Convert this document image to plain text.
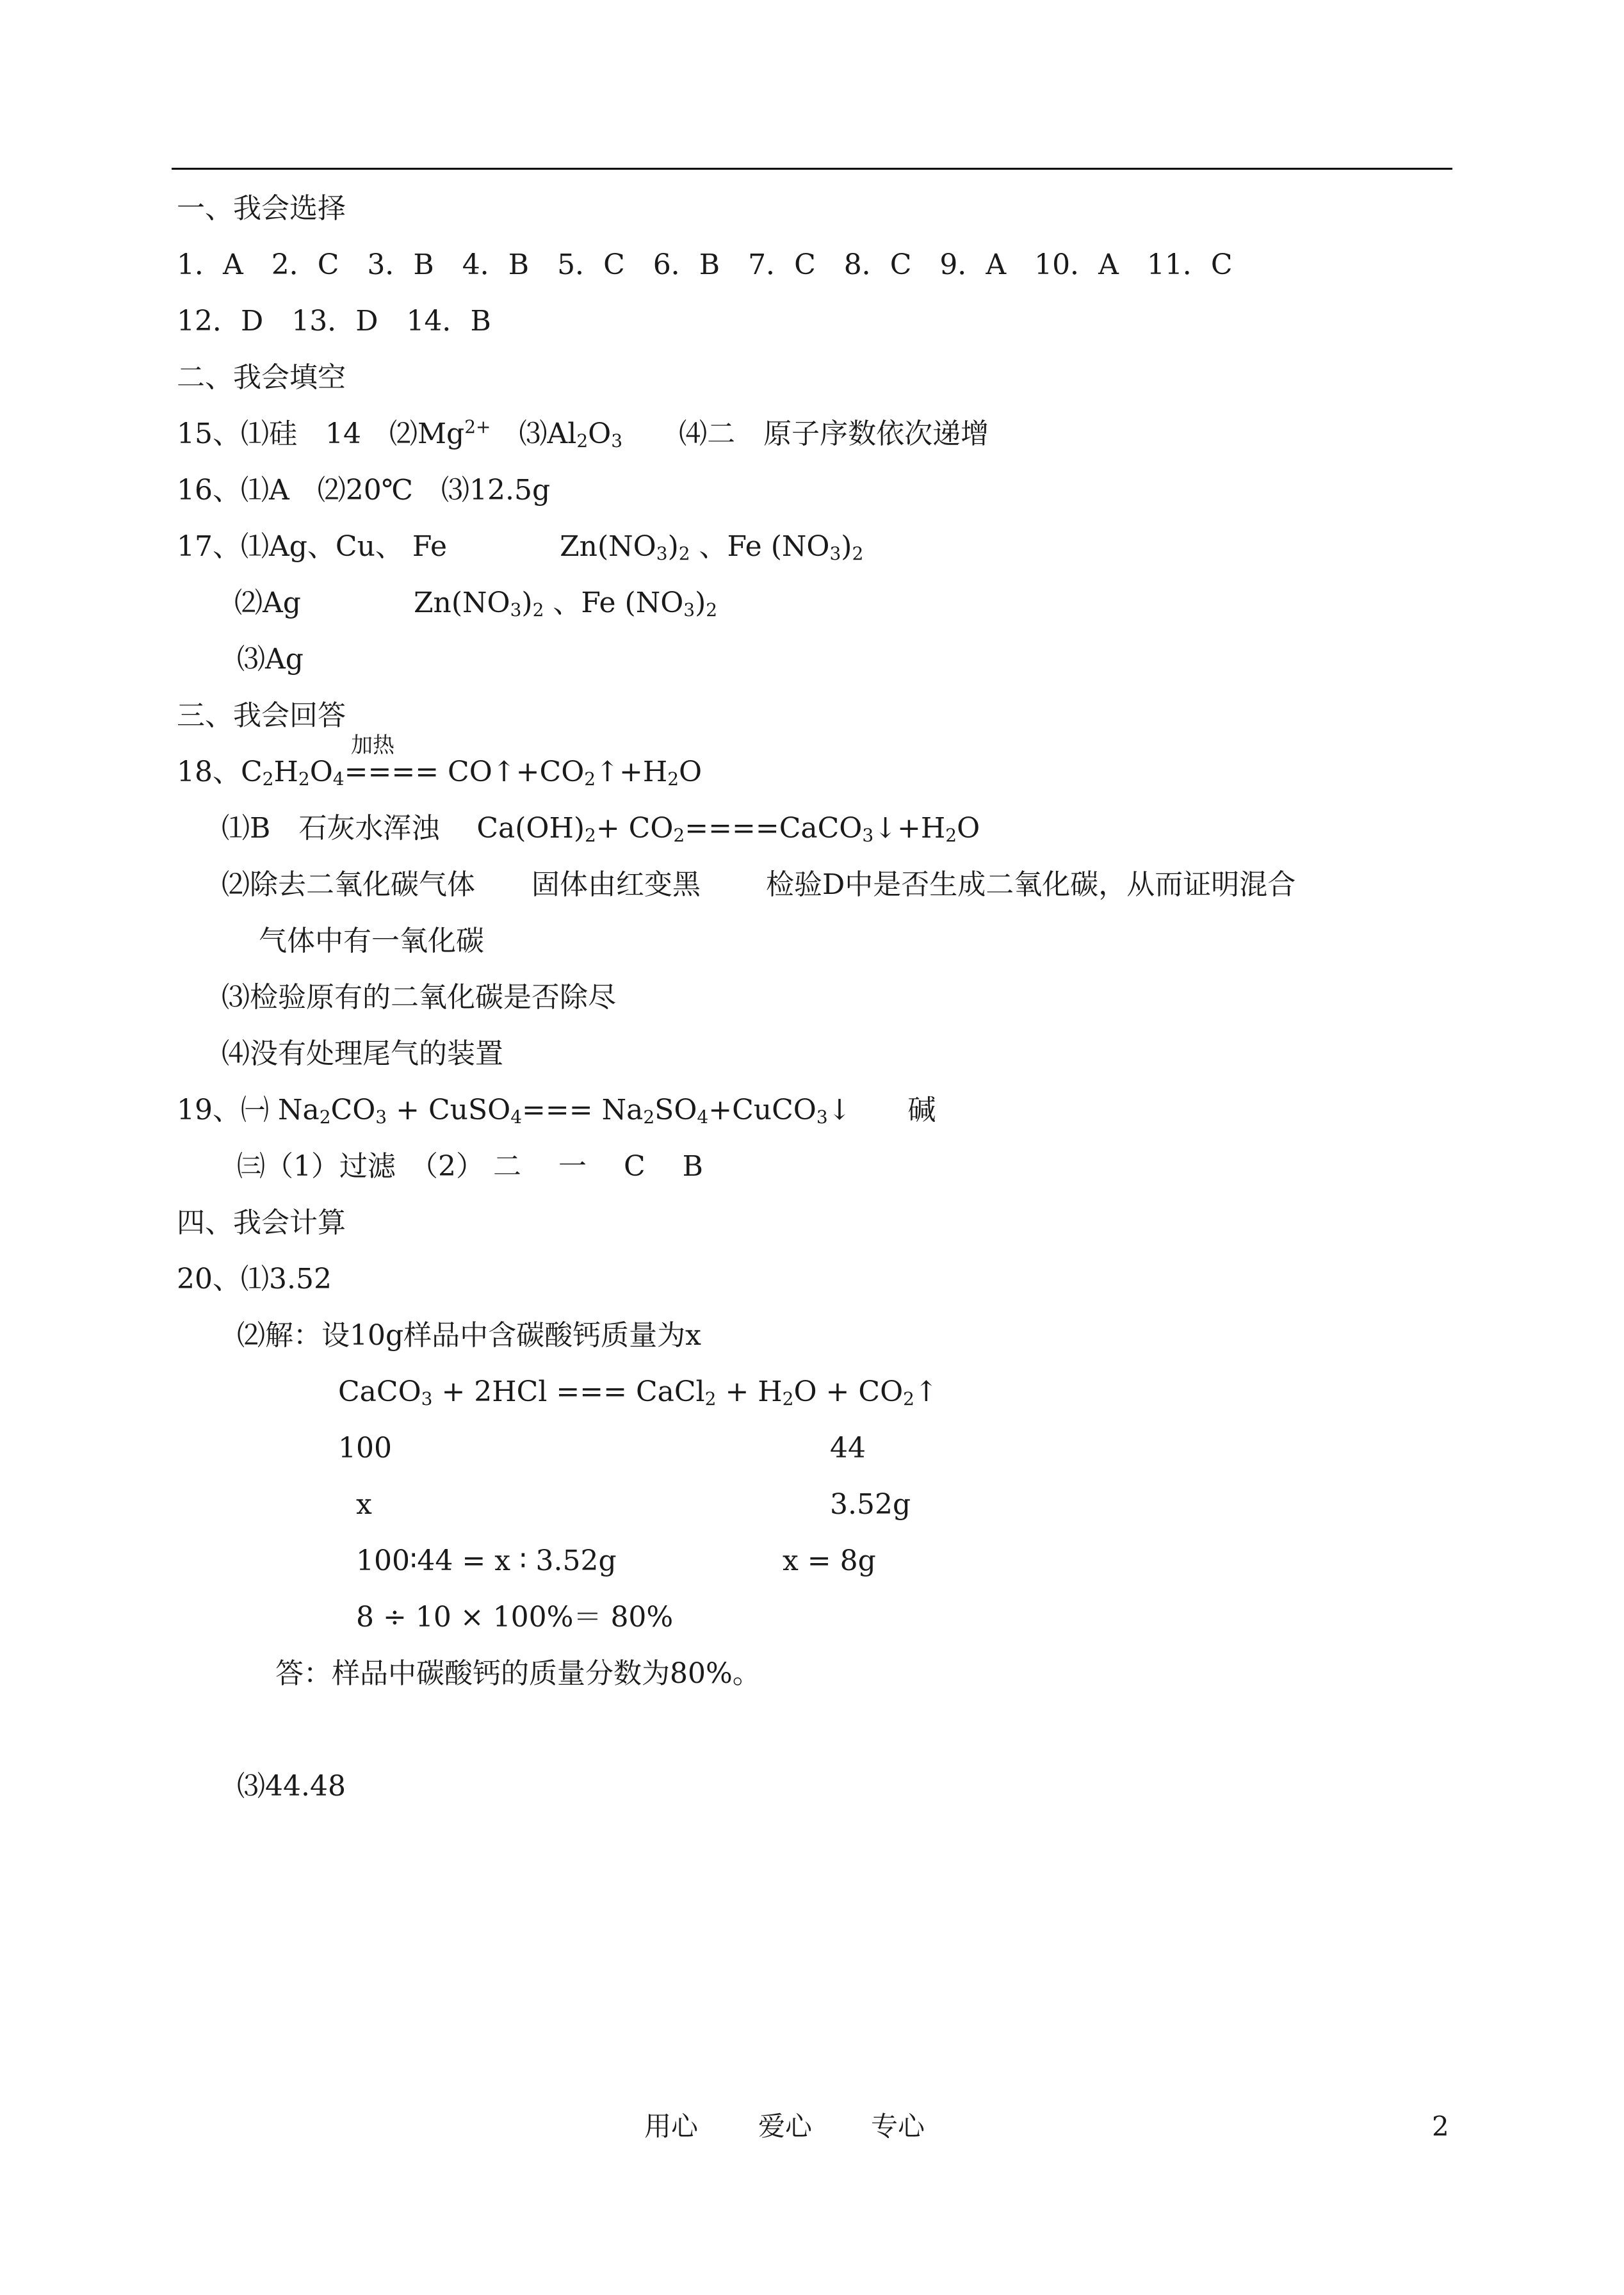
一、我会选择
1．A　2．C　3．B　4．B　5．C　6．B　7．C　8．C　9．A　10．A　11．C
12．D　13．D　14．B
二、我会填空
15、⑴硅　14　$⑵Mg^{2+}$　$⑶Al_2O_3$　　⑷二　原子序数依次递增
16、⑴A　⑵20℃　⑶12.5g
17、⑴Ag、Cu、 Fe　　　　$Zn(NO_3)_2$ 、Fe $(NO_3)_2$
⑵Ag　　　　$Zn(NO_3)_2$ 、Fe $(NO_3)_2$
⑶Ag
三、我会回答
加热
18、$C_2H_2O_4====$ $CO↑+CO_2↑+H_2O$
⑴B　石灰水浑浊　 $Ca(OH)_2+$ $CO_2====CaCO_3↓+H_2O$
⑵除去二氧化碳气体　　固体由红变黑　　 检验D中是否生成二氧化碳，从而证明混合
气体中有一氧化碳
⑶检验原有的二氧化碳是否除尽
⑷没有处理尾气的装置
19、㈠ $Na_2CO_3$ + CuSO$_4$=== $Na_2SO_4+CuCO_3↓$　　碱
㈢（1）过滤　（2） 二　 一　 C　 B
四、我会计算
20、⑴3.52
⑵解：设10g样品中含碳酸钙质量为x
CaCO$_3$ + 2HCl === CaCl$_2$ + $H_2O$ + $CO_2↑$
100	44
x	3.52g
100∶44 = x ∶ 3.52g	x = 8g
8 ÷ 10 × 100%＝ 80%
答：样品中碳酸钙的质量分数为80%。
⑶44.48
用心 爱心 专心	2
